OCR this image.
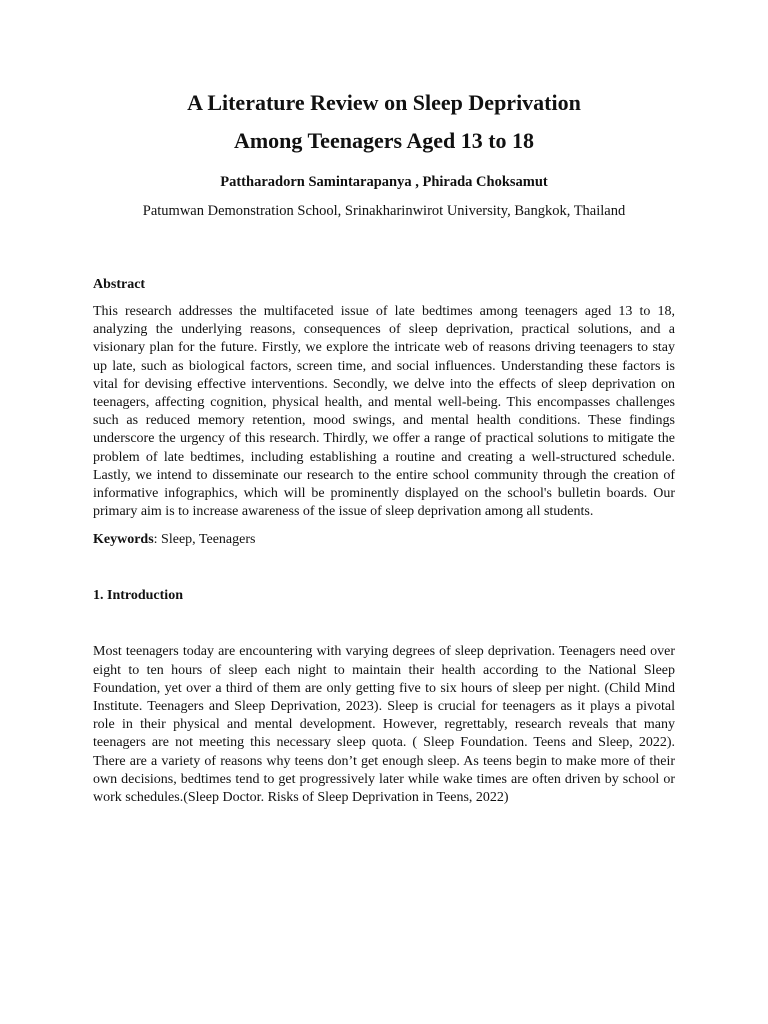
A Literature Review on Sleep Deprivation
Among Teenagers Aged 13 to 18
Pattharadorn Samintarapanya , Phirada Choksamut
Patumwan Demonstration School, Srinakharinwirot University, Bangkok, Thailand
Abstract

This research addresses the multifaceted issue of late bedtimes among teenagers aged 13 to 18, analyzing the underlying reasons, consequences of sleep deprivation, practical solutions, and a visionary plan for the future. Firstly, we explore the intricate web of reasons driving teenagers to stay up late, such as biological factors, screen time, and social influences. Understanding these factors is vital for devising effective interventions. Secondly, we delve into the effects of sleep deprivation on teenagers, affecting cognition, physical health, and mental well-being. This encompasses challenges such as reduced memory retention, mood swings, and mental health conditions. These findings underscore the urgency of this research. Thirdly, we offer a range of practical solutions to mitigate the problem of late bedtimes, including establishing a routine and creating a well-structured schedule. Lastly, we intend to disseminate our research to the entire school community through the creation of informative infographics, which will be prominently displayed on the school's bulletin boards. Our primary aim is to increase awareness of the issue of sleep deprivation among all students.

Keywords: Sleep, Teenagers
1. Introduction

Most teenagers today are encountering with varying degrees of sleep deprivation. Teenagers need over eight to ten hours of sleep each night to maintain their health according to the National Sleep Foundation, yet over a third of them are only getting five to six hours of sleep per night. (Child Mind Institute. Teenagers and Sleep Deprivation, 2023). Sleep is crucial for teenagers as it plays a pivotal role in their physical and mental development. However, regrettably, research reveals that many teenagers are not meeting this necessary sleep quota. ( Sleep Foundation. Teens and Sleep, 2022). There are a variety of reasons why teens don’t get enough sleep. As teens begin to make more of their own decisions, bedtimes tend to get progressively later while wake times are often driven by school or work schedules.(Sleep Doctor. Risks of Sleep Deprivation in Teens, 2022)
